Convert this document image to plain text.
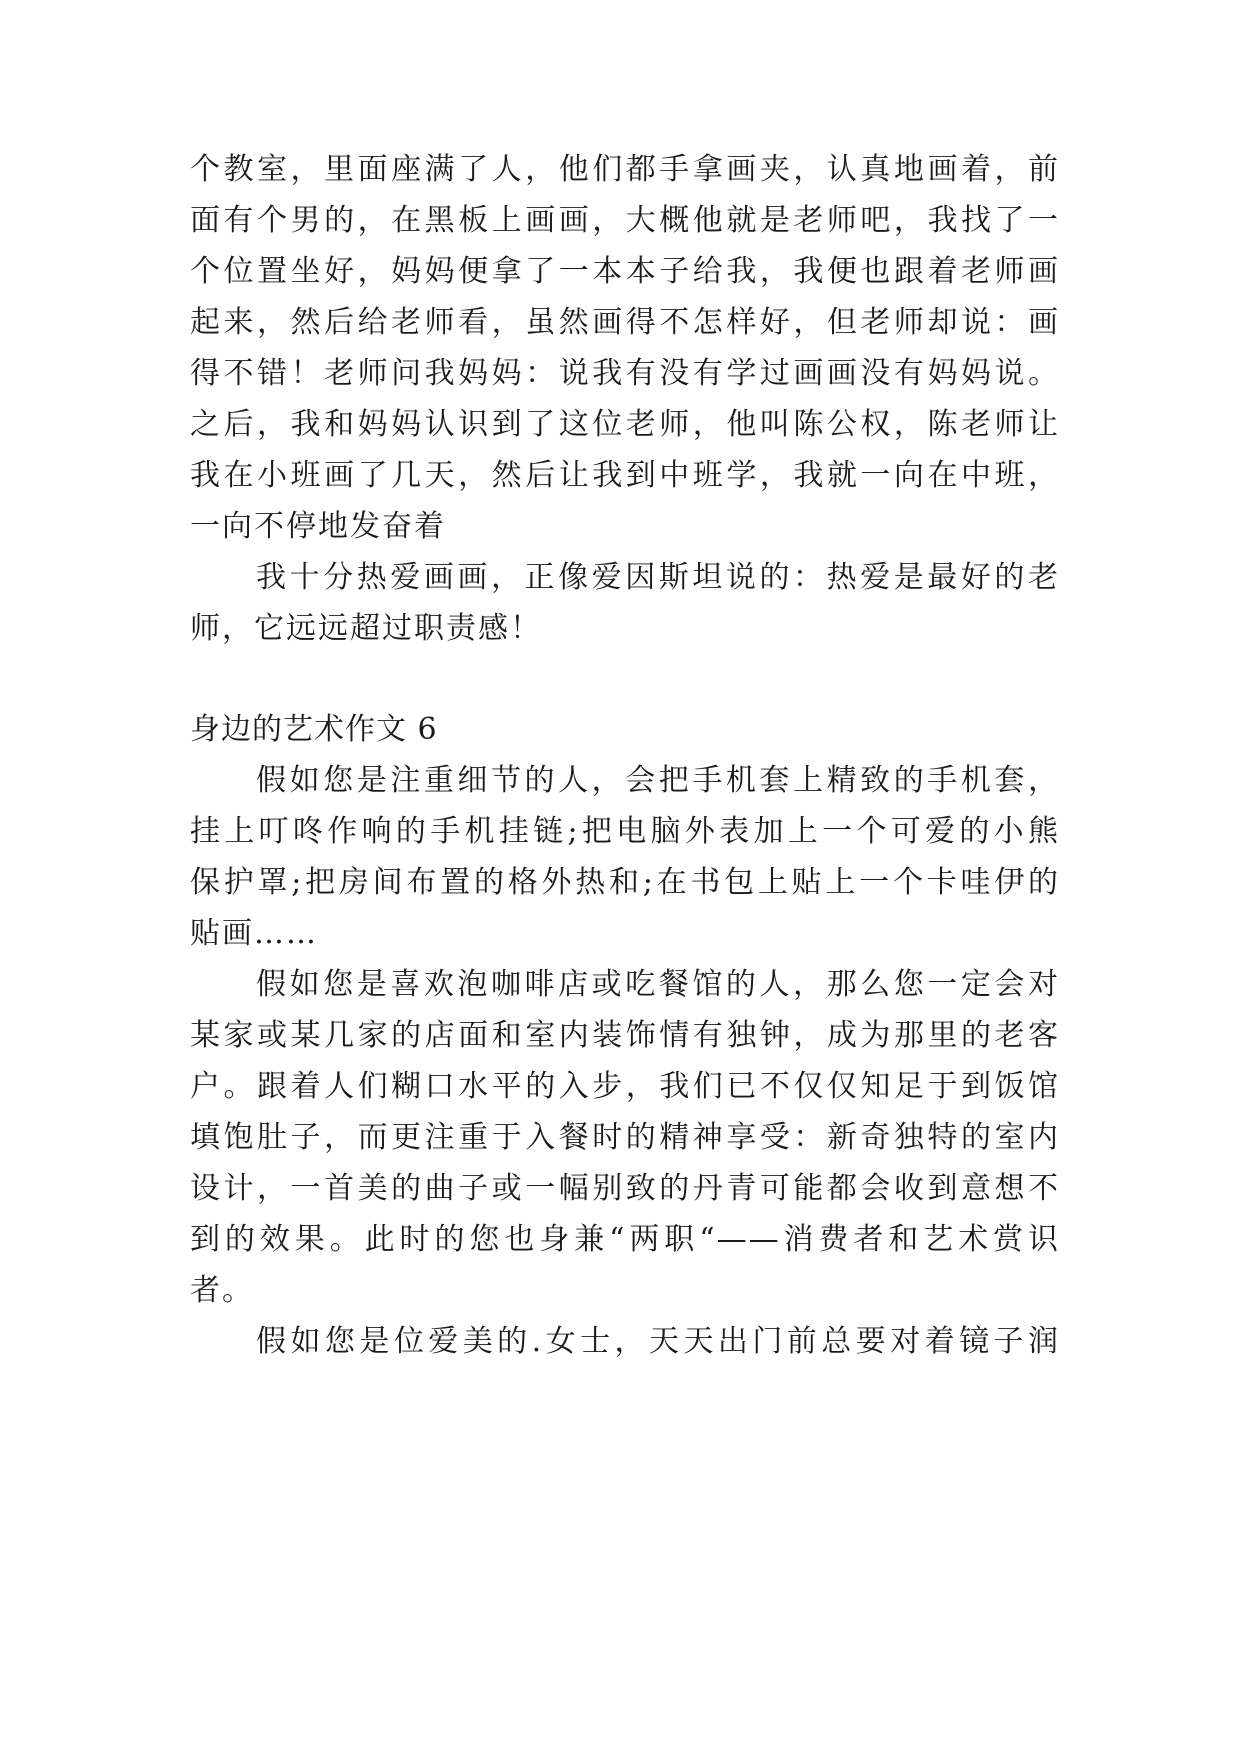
个教室，里面座满了人，他们都手拿画夹，认真地画着，前
面有个男的，在黑板上画画，大概他就是老师吧，我找了一
个位置坐好，妈妈便拿了一本本子给我，我便也跟着老师画
起来，然后给老师看，虽然画得不怎样好，但老师却说：画
得不错！老师问我妈妈：说我有没有学过画画没有妈妈说。
之后，我和妈妈认识到了这位老师，他叫陈公权，陈老师让
我在小班画了几天，然后让我到中班学，我就一向在中班，
一向不停地发奋着
我十分热爱画画，正像爱因斯坦说的：热爱是最好的老
师，它远远超过职责感！
身边的艺术作文 6
假如您是注重细节的人，会把手机套上精致的手机套，
挂上叮咚作响的手机挂链;把电脑外表加上一个可爱的小熊
保护罩;把房间布置的格外热和;在书包上贴上一个卡哇伊的
贴画……
假如您是喜欢泡咖啡店或吃餐馆的人，那么您一定会对
某家或某几家的店面和室内装饰情有独钟，成为那里的老客
户。跟着人们糊口水平的入步，我们已不仅仅知足于到饭馆
填饱肚子，而更注重于入餐时的精神享受：新奇独特的室内
设计，一首美的曲子或一幅别致的丹青可能都会收到意想不
到的效果。此时的您也身兼“两职“——消费者和艺术赏识
者。
假如您是位爱美的.女士，天天出门前总要对着镜子润
